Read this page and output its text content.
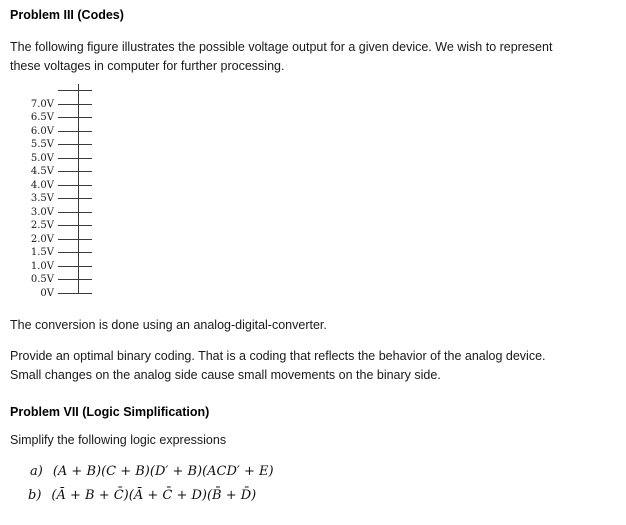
Problem III (Codes)

The following figure illustrates the possible voltage output for a given device. We wish to represent these voltages in computer for further processing.

7.0V
6.5V
6.0V
5.5V
5.0V
4.5V
4.0V
3.5V
3.0V
2.5V
2.0V
1.5V
1.0V
0.5V
0V

The conversion is done using an analog-digital-converter.

Provide an optimal binary coding. That is a coding that reflects the behavior of the analog device. Small changes on the analog side cause small movements on the binary side.

Problem VII (Logic Simplification)

Simplify the following logic expressions

a) (A + B)(C + B)(D′ + B)(ACD′ + E)
b) (Ā + B + C̄)(Ā + C̄ + D)(B̄ + D̄)
